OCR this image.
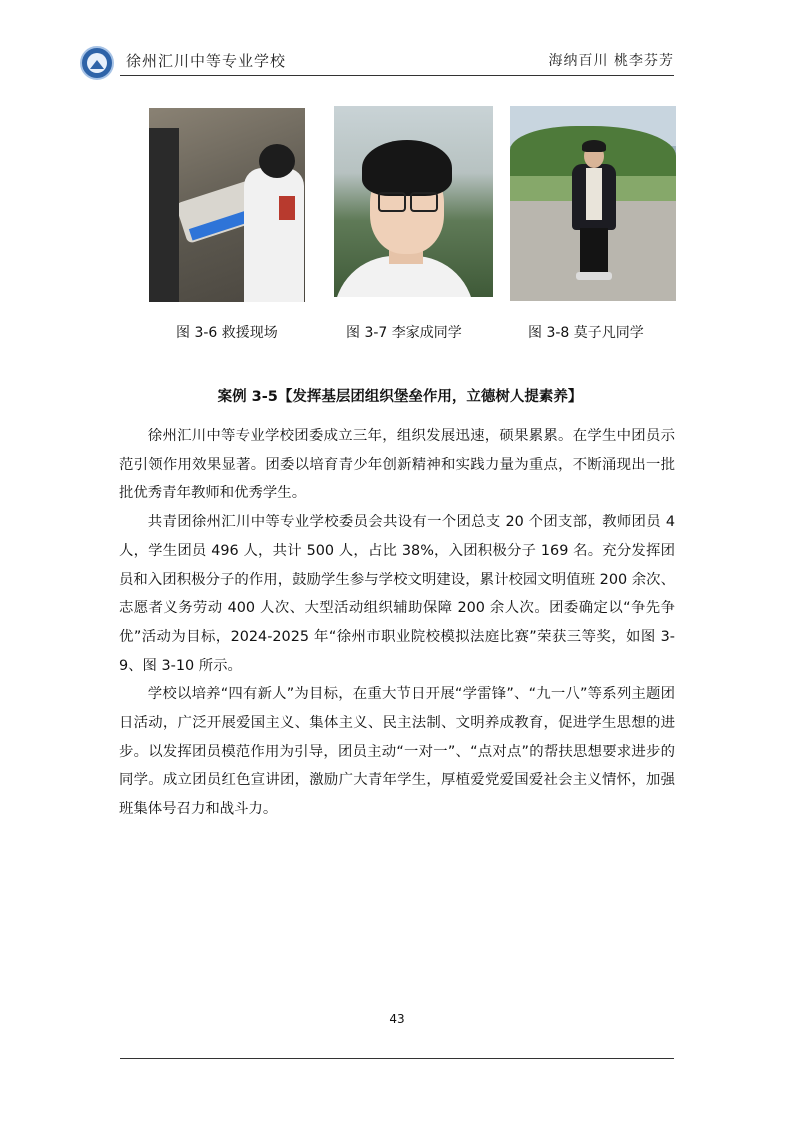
徐州汇川中等专业学校	海纳百川 桃李芬芳
图 3-6 救援现场	图 3-7 李家成同学	图 3-8 莫子凡同学
案例 3-5【发挥基层团组织堡垒作用，立德树人提素养】

徐州汇川中等专业学校团委成立三年，组织发展迅速，硕果累累。在学生中团员示范引领作用效果显著。团委以培育青少年创新精神和实践力量为重点，不断涌现出一批批优秀青年教师和优秀学生。

共青团徐州汇川中等专业学校委员会共设有一个团总支 20 个团支部，教师团员 4 人，学生团员 496 人，共计 500 人，占比 38%，入团积极分子 169 名。充分发挥团员和入团积极分子的作用，鼓励学生参与学校文明建设，累计校园文明值班 200 余次、志愿者义务劳动 400 人次、大型活动组织辅助保障 200 余人次。团委确定以“争先争优”活动为目标，2024-2025 年“徐州市职业院校模拟法庭比赛”荣获三等奖，如图 3-9、图 3-10 所示。

学校以培养“四有新人”为目标，在重大节日开展“学雷锋”、“九一八”等系列主题团日活动，广泛开展爱国主义、集体主义、民主法制、文明养成教育，促进学生思想的进步。以发挥团员模范作用为引导，团员主动“一对一”、“点对点”的帮扶思想要求进步的同学。成立团员红色宣讲团，激励广大青年学生，厚植爱党爱国爱社会主义情怀，加强班集体号召力和战斗力。

43
